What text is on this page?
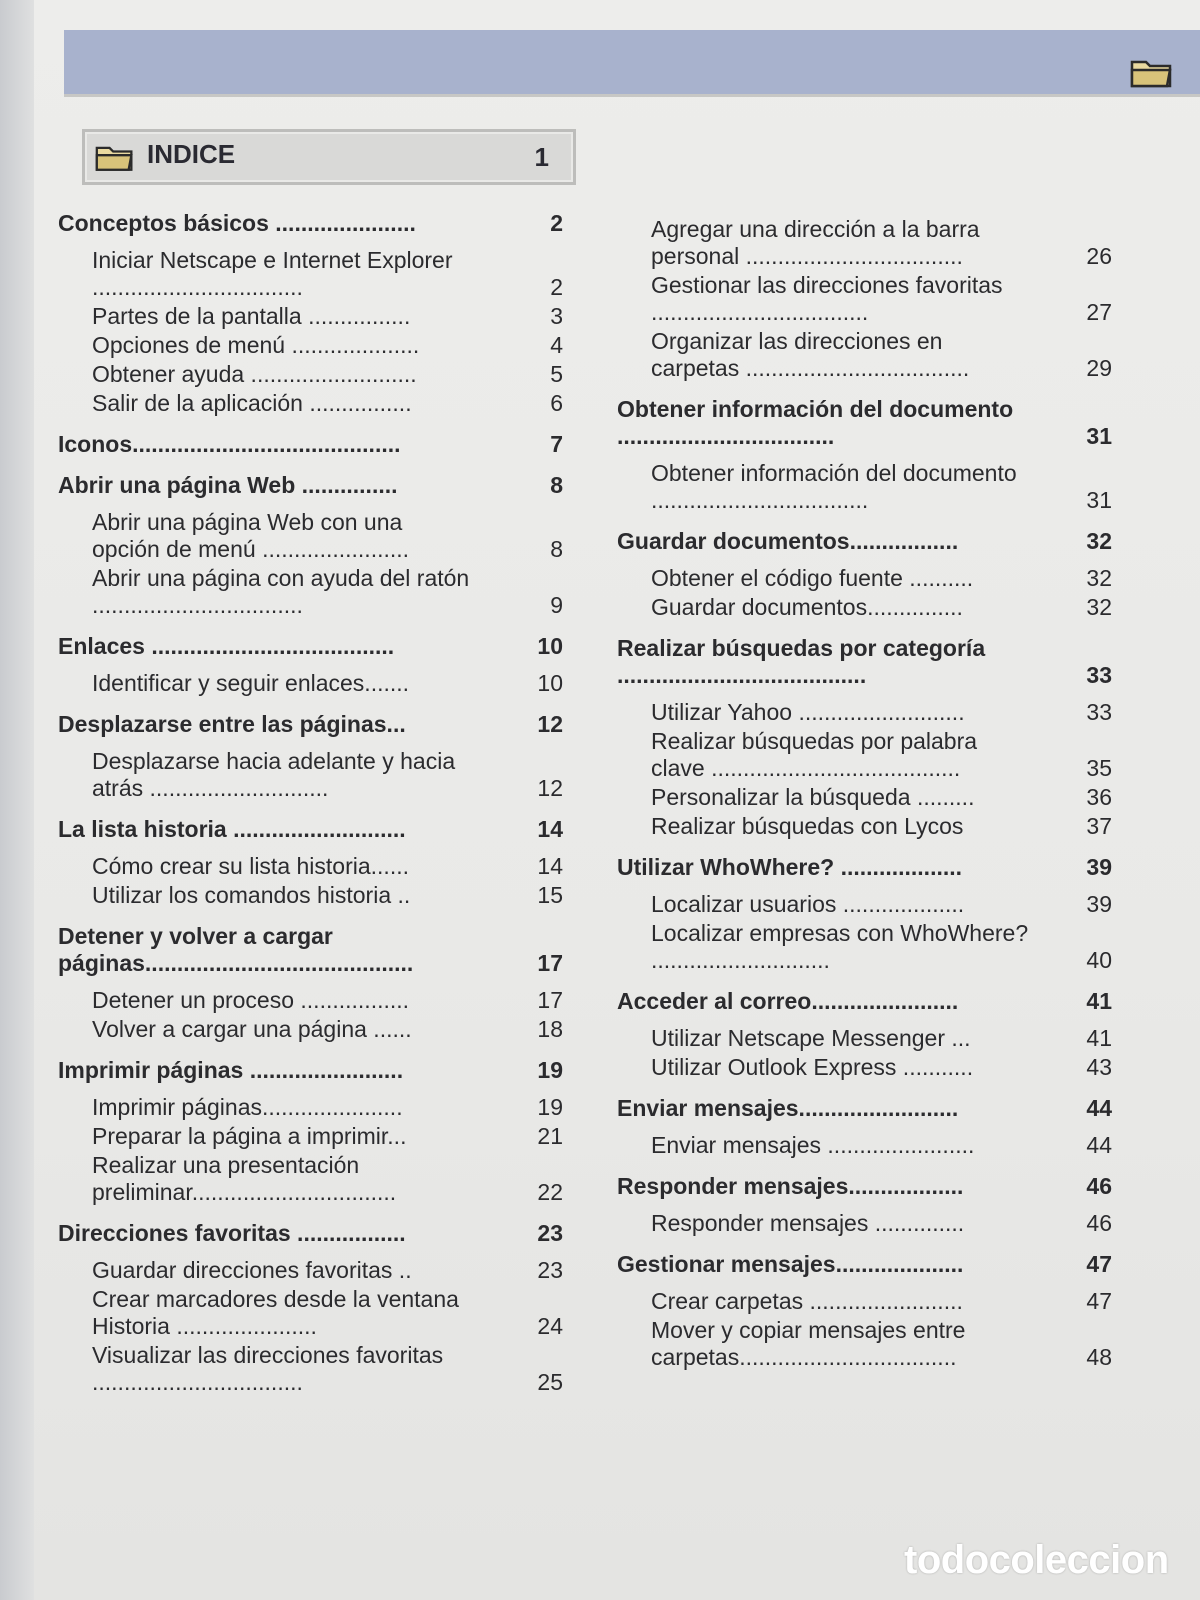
INDICE	1
Conceptos básicos ......................	2
Iniciar Netscape e Internet Explorer .................................	2
Partes de la pantalla ................	3
Opciones de menú ....................	4
Obtener ayuda ..........................	5
Salir de la aplicación ................	6
Iconos..........................................	7
Abrir una página Web ...............	8
Abrir una página Web con una opción de menú .......................	8
Abrir una página con ayuda del ratón .................................	9
Enlaces ......................................	10
Identificar y seguir enlaces.......	10
Desplazarse entre las páginas...	12
Desplazarse hacia adelante y hacia atrás ............................	12
La lista historia ...........................	14
Cómo crear su lista historia......	14
Utilizar los comandos historia ..	15
Detener y volver a cargar páginas..........................................	17
Detener un proceso .................	17
Volver a cargar una página ......	18
Imprimir páginas ........................	19
Imprimir páginas......................	19
Preparar la página a imprimir...	21
Realizar una presentación preliminar................................	22
Direcciones favoritas .................	23
Guardar direcciones favoritas ..	23
Crear marcadores desde la ventana Historia ......................	24
Visualizar las direcciones favoritas .................................	25
Agregar una dirección a la barra personal ..................................	26
Gestionar las direcciones favoritas ..................................	27
Organizar las direcciones en carpetas ...................................	29
Obtener información del documento ..................................	31
Obtener información del documento ..................................	31
Guardar documentos.................	32
Obtener el código fuente ..........	32
Guardar documentos...............	32
Realizar búsquedas por categoría .......................................	33
Utilizar Yahoo ..........................	33
Realizar búsquedas por palabra clave .......................................	35
Personalizar la búsqueda .........	36
Realizar búsquedas con Lycos	37
Utilizar WhoWhere? ...................	39
Localizar usuarios ...................	39
Localizar empresas con WhoWhere? ............................	40
Acceder al correo.......................	41
Utilizar Netscape Messenger ...	41
Utilizar Outlook Express ...........	43
Enviar mensajes.........................	44
Enviar mensajes .......................	44
Responder mensajes..................	46
Responder mensajes ..............	46
Gestionar mensajes....................	47
Crear carpetas ........................	47
Mover y copiar mensajes entre carpetas..................................	48
todocoleccion
